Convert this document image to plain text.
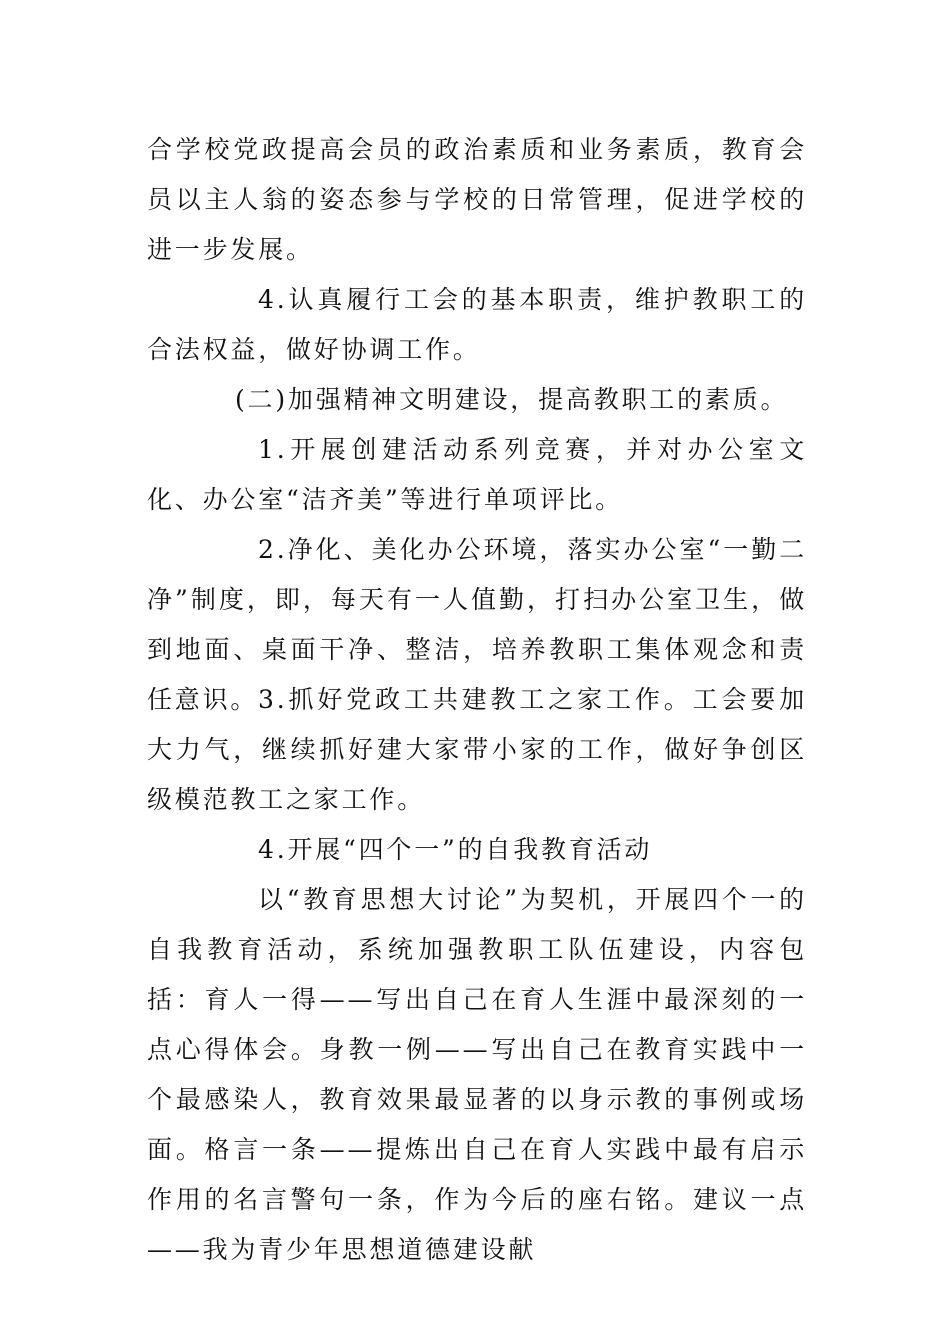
合学校党政提高会员的政治素质和业务素质，教育会员以主人翁的姿态参与学校的日常管理，促进学校的进一步发展。

4.认真履行工会的基本职责，维护教职工的合法权益，做好协调工作。

(二)加强精神文明建设，提高教职工的素质。

1.开展创建活动系列竞赛，并对办公室文化、办公室“洁齐美”等进行单项评比。

2.净化、美化办公环境，落实办公室“一勤二净”制度，即，每天有一人值勤，打扫办公室卫生，做到地面、桌面干净、整洁，培养教职工集体观念和责任意识。 3.抓好党政工共建教工之家工作。工会要加大力气，继续抓好建大家带小家的工作，做好争创区级模范教工之家工作。

4.开展“四个一”的自我教育活动

以“教育思想大讨论”为契机，开展四个一的自我教育活动，系统加强教职工队伍建设，内容包括：育人一得——写出自己在育人生涯中最深刻的一点心得体会。身教一例——写出自己在教育实践中一个最感染人，教育效果最显著的以身示教的事例或场面。格言一条——提炼出自己在育人实践中最有启示作用的名言警句一条，作为今后的座右铭。建议一点——我为青少年思想道德建设献
